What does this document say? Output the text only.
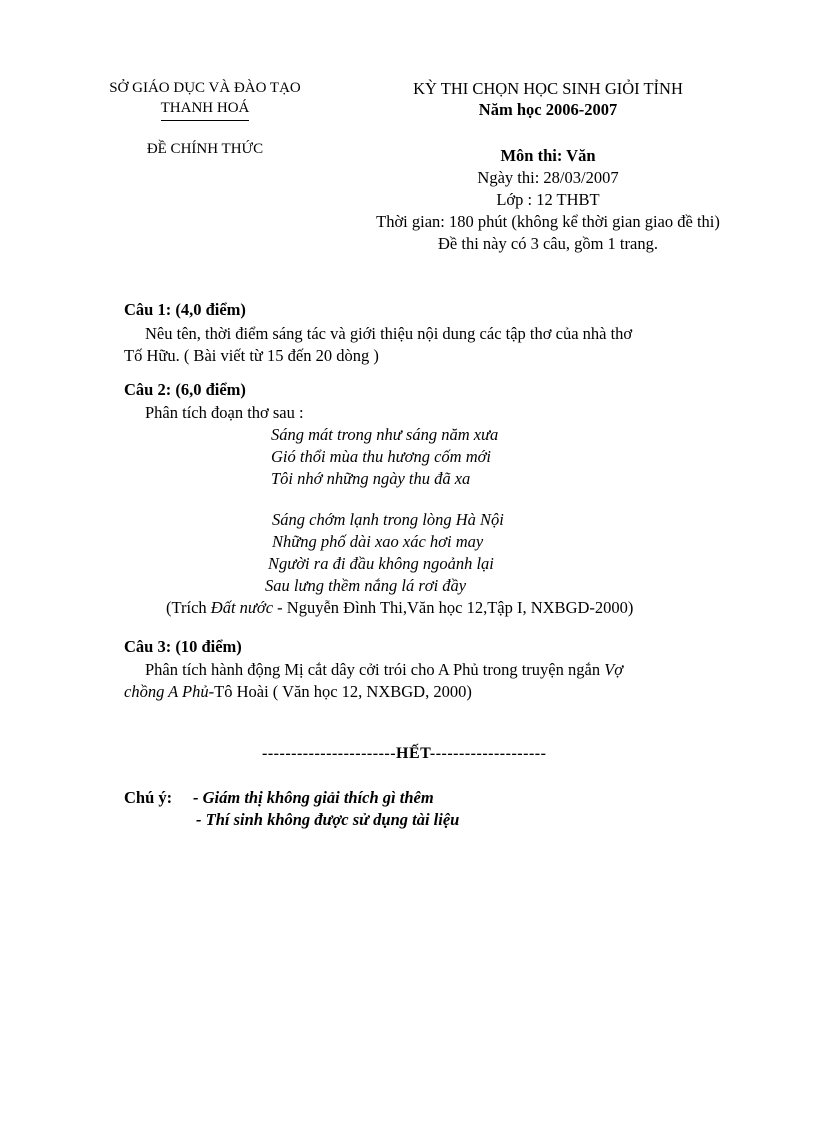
SỞ GIÁO DỤC VÀ ĐÀO TẠO
THANH HOÁ
ĐỀ CHÍNH THỨC
KỲ THI CHỌN HỌC SINH GIỎI TỈNH
Năm học 2006-2007
Môn thi: Văn
Ngày thi: 28/03/2007
Lớp : 12 THBT
Thời gian: 180 phút (không kể thời gian giao đề thi)
Đề thi này có 3 câu, gồm 1 trang.
Câu 1: (4,0 điểm)
Nêu tên, thời điểm sáng tác và giới thiệu nội dung các tập thơ của nhà thơ
Tố Hữu. ( Bài viết từ 15 đến 20 dòng )
Câu 2: (6,0 điểm)
Phân tích đoạn thơ sau :
Sáng mát trong như sáng năm xưa
Gió thổi mùa thu hương cốm mới
Tôi nhớ những ngày thu đã xa
Sáng chớm lạnh trong lòng Hà Nội
Những phố dài xao xác hơi may
Người ra đi đầu không ngoảnh lại
Sau lưng thềm nắng lá rơi đầy
(Trích Đất nước - Nguyễn Đình Thi,Văn học 12,Tập I, NXBGD-2000)
Câu 3: (10 điểm)
Phân tích hành động Mị cắt dây cởi trói cho A Phủ trong truyện ngắn Vợ
chồng A Phủ-Tô Hoài ( Văn học 12, NXBGD, 2000)
-----------------------HẾT--------------------
Chú ý: - Giám thị không giải thích gì thêm
- Thí sinh không được sử dụng tài liệu
